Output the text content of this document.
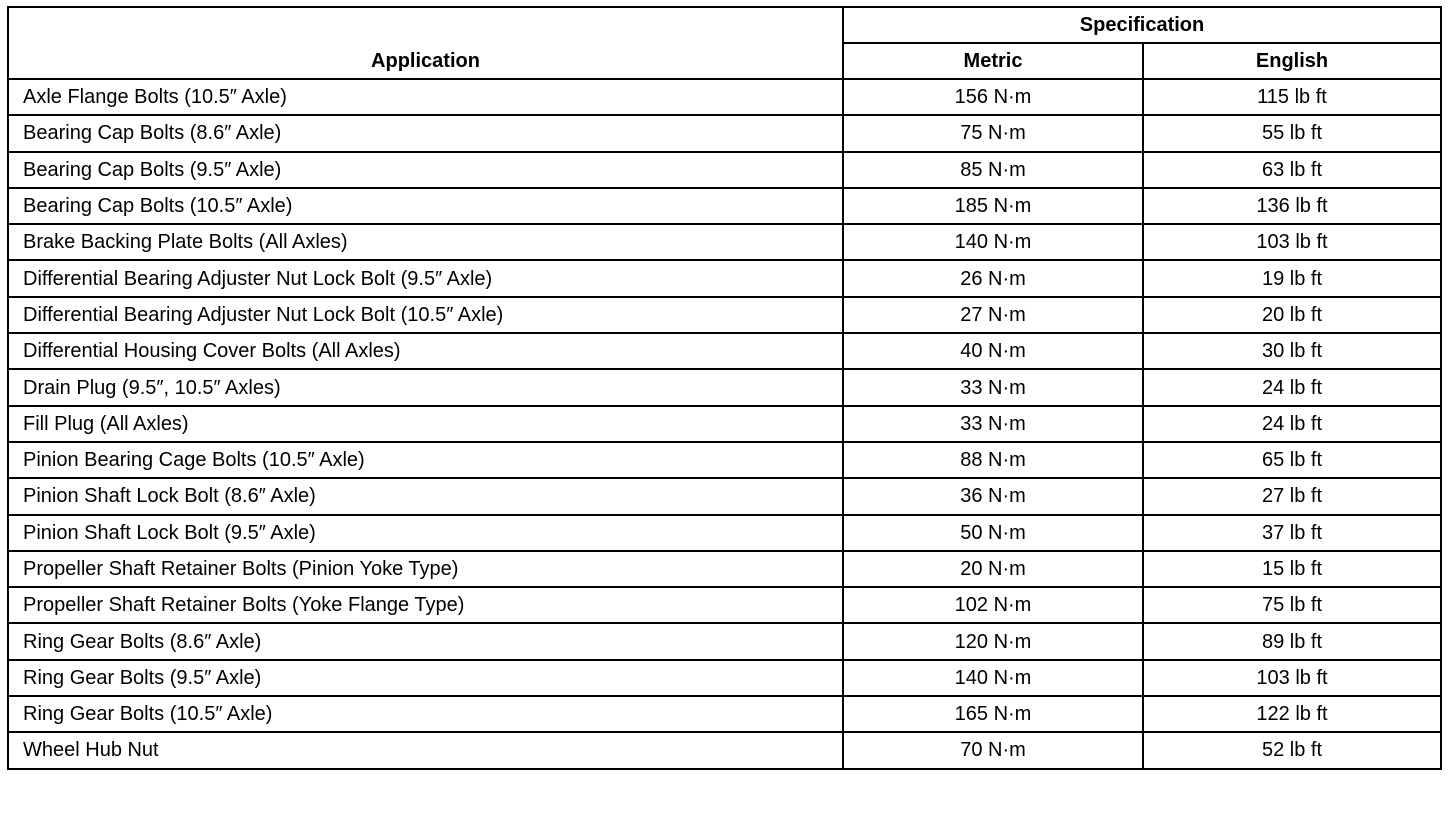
Application	Specification	
	Metric	English
Axle Flange Bolts (10.5″ Axle)	156 N·m	115 lb ft
Bearing Cap Bolts (8.6″ Axle)	75 N·m	55 lb ft
Bearing Cap Bolts (9.5″ Axle)	85 N·m	63 lb ft
Bearing Cap Bolts (10.5″ Axle)	185 N·m	136 lb ft
Brake Backing Plate Bolts (All Axles)	140 N·m	103 lb ft
Differential Bearing Adjuster Nut Lock Bolt (9.5″ Axle)	26 N·m	19 lb ft
Differential Bearing Adjuster Nut Lock Bolt (10.5″ Axle)	27 N·m	20 lb ft
Differential Housing Cover Bolts (All Axles)	40 N·m	30 lb ft
Drain Plug (9.5″, 10.5″ Axles)	33 N·m	24 lb ft
Fill Plug (All Axles)	33 N·m	24 lb ft
Pinion Bearing Cage Bolts (10.5″ Axle)	88 N·m	65 lb ft
Pinion Shaft Lock Bolt (8.6″ Axle)	36 N·m	27 lb ft
Pinion Shaft Lock Bolt (9.5″ Axle)	50 N·m	37 lb ft
Propeller Shaft Retainer Bolts (Pinion Yoke Type)	20 N·m	15 lb ft
Propeller Shaft Retainer Bolts (Yoke Flange Type)	102 N·m	75 lb ft
Ring Gear Bolts (8.6″ Axle)	120 N·m	89 lb ft
Ring Gear Bolts (9.5″ Axle)	140 N·m	103 lb ft
Ring Gear Bolts (10.5″ Axle)	165 N·m	122 lb ft
Wheel Hub Nut	70 N·m	52 lb ft
